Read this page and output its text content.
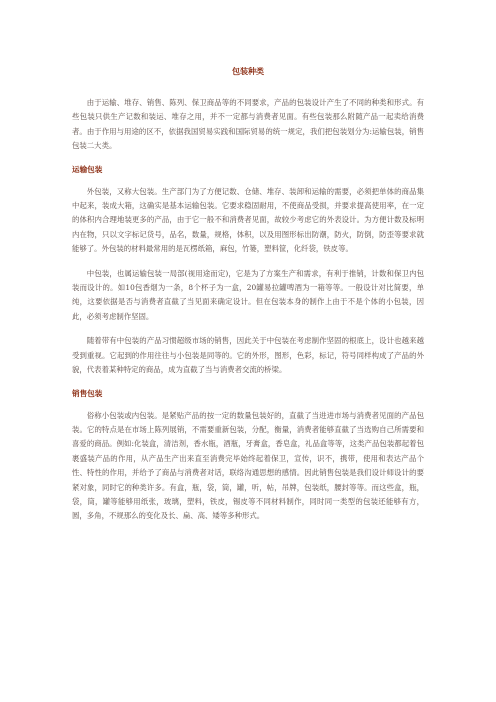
包装种类

由于运输、堆存、销售、陈列、保卫商品等的不同要求，产品的包装设计产生了不同的种类和形式。有些包装只供生产记数和装运、堆存之用，并不一定都与消费者见面。有些包装那么附随产品一起卖给消费者。由于作用与用途的区不，依据我国贸易实践和国际贸易的统一规定，我们把包装划分为:运输包装，销售包装二大类。

运输包装

外包装，又称大包装。生产部门为了方便记数、仓储、堆存、装卸和运输的需要，必须把单体的商品集中起来，装成大箱，这确实是基本运输包装。它要求稳固耐用，不使商品受损，并要求提高使用率，在一定的体积内合理地装更多的产品，由于它一般不和消费者见面，故较少考虑它的外表设计。为方便计数及标明内在物，只以文字标记货号，品名，数量，规格，体积，以及用图形标出防潮，防火，防倒，防歪等要求就能够了。外包装的材料最常用的是瓦楞纸箱，麻包，竹篓，塑料筐，化纤袋，铁皮等。

中包装，也属运输包装一局部(视用途而定)，它是为了方案生产和需求，有利于推销，计数和保卫内包装而设计的。如10包香烟为一条，8个杯子为一盒，20罐易拉罐啤酒为一箱等等。一般设计对比简要，单纯，这要依据是否与消费者直截了当见面来确定设计。但在包装本身的制作上由于不是个体的小包装，因此，必须考虑制作坚固。

随着带有中包装的产品习惯超级市场的销售，因此关于中包装在考虑制作坚固的根底上，设计也越来越受到重视。它起到的作用往往与小包装是同等的。它的外形，图形，色彩，标记，符号同样构成了产品的外貌，代表着某种特定的商品，成为直截了当与消费者交流的桥梁。

销售包装

俗称小包装或内包装。是紧贴产品的按一定的数量包装好的，直截了当进进市场与消费者见面的产品包装。它的特点是在市场上陈列展销，不需要重新包装，分配，衡量，消费者能够直截了当选购自己所需要和喜爱的商品。例如:化装盒，清洁剂，香水瓶，酒瓶，牙膏盒，香皂盒，礼品盒等等，这类产品包装都起着包裹盛装产品的作用，从产品生产出来直至消费完毕始终起着保卫，宣传，识不，携带，使用和表达产品个性、特性的作用，并给予了商品与消费者对话，联络沟通思想的感情。因此销售包装是我们设计师设计的要紧对象，同时它的种类许多。有盒，瓶，袋，筒，罐，听，帖，吊牌，包装纸，腰封等等。而这些盒，瓶，袋，筒，罐等能够用纸张，玻璃，塑料，铁皮，锡皮等不同材料制作，同时同一类型的包装还能够有方，圆，多角，不规那么的变化及长、扁、高、矮等多种形式。
